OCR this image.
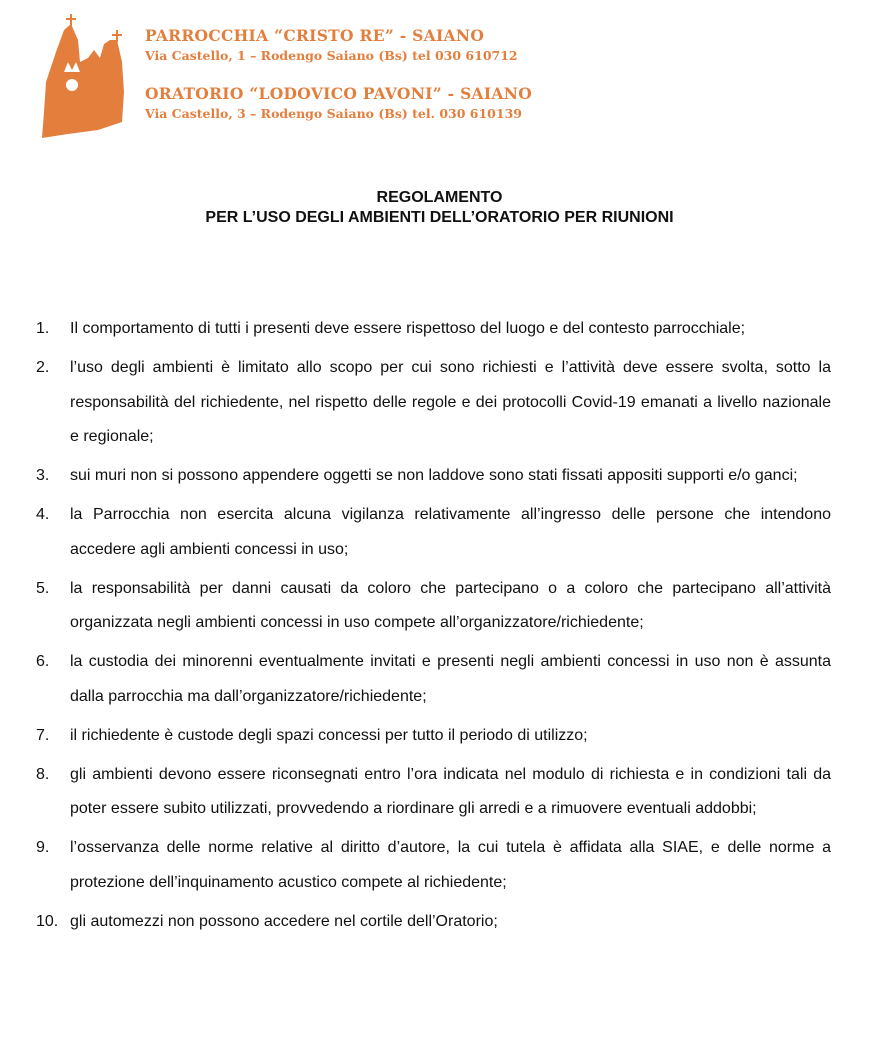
PARROCCHIA “CRISTO RE” - SAIANO
Via Castello, 1 – Rodengo Saiano (Bs) tel 030 610712
ORATORIO “LODOVICO PAVONI” - SAIANO
Via Castello, 3 – Rodengo Saiano (Bs) tel. 030 610139
REGOLAMENTO
PER L’USO DEGLI AMBIENTI DELL’ORATORIO PER RIUNIONI
1.	Il comportamento di tutti i presenti deve essere rispettoso del luogo e del contesto parrocchiale;
2.	l’uso degli ambienti è limitato allo scopo per cui sono richiesti e l’attività deve essere svolta, sotto la responsabilità del richiedente, nel rispetto delle regole e dei protocolli Covid-19 emanati a livello nazionale e regionale;
3.	sui muri non si possono appendere oggetti se non laddove sono stati fissati appositi supporti e/o ganci;
4.	la Parrocchia non esercita alcuna vigilanza relativamente all’ingresso delle persone che intendono accedere agli ambienti concessi in uso;
5.	la responsabilità per danni causati da coloro che partecipano o a coloro che partecipano all’attività organizzata negli ambienti concessi in uso compete all’organizzatore/richiedente;
6.	la custodia dei minorenni eventualmente invitati e presenti negli ambienti concessi in uso non è assunta dalla parrocchia ma dall’organizzatore/richiedente;
7.	il richiedente è custode degli spazi concessi per tutto il periodo di utilizzo;
8.	gli ambienti devono essere riconsegnati entro l’ora indicata nel modulo di richiesta e in condizioni tali da poter essere subito utilizzati, provvedendo a riordinare gli arredi e a rimuovere eventuali addobbi;
9.	l’osservanza delle norme relative al diritto d’autore, la cui tutela è affidata alla SIAE, e delle norme a protezione dell’inquinamento acustico compete al richiedente;
10. gli automezzi non possono accedere nel cortile dell’Oratorio;
